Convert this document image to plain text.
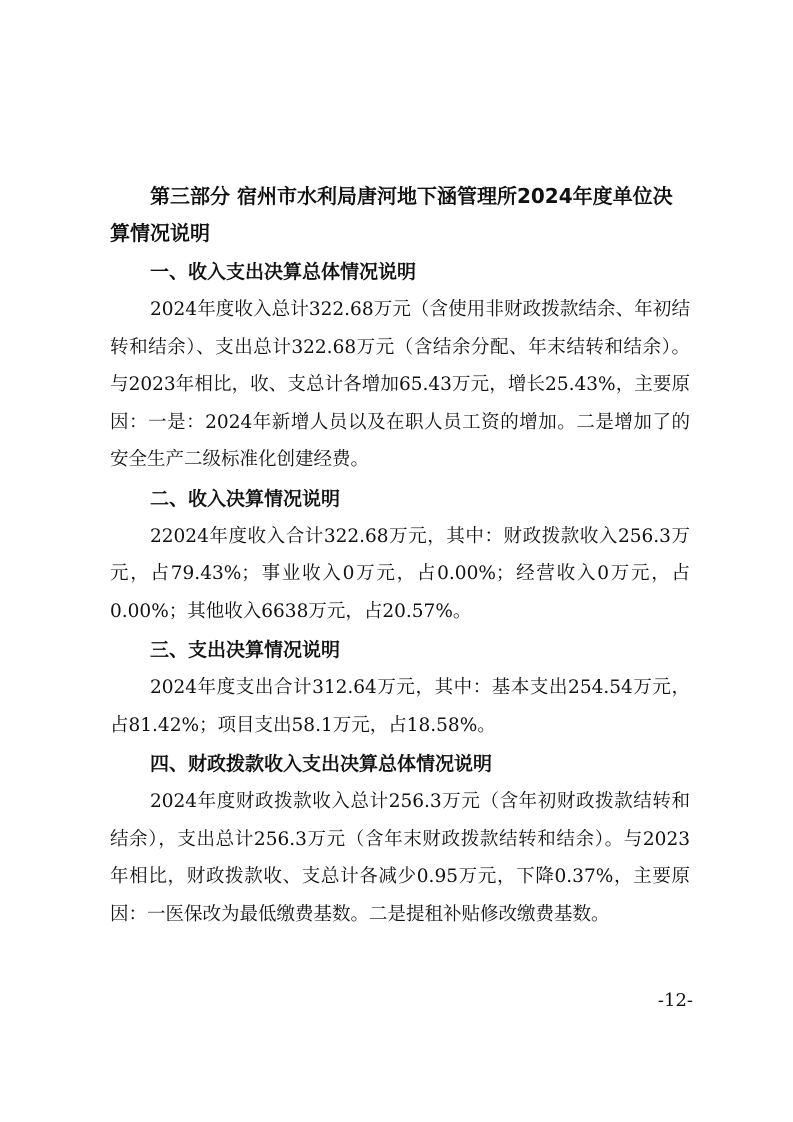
第三部分 宿州市水利局唐河地下涵管理所2024年度单位决算情况说明
一、收入支出决算总体情况说明
2024年度收入总计322.68万元（含使用非财政拨款结余、年初结转和结余）、支出总计322.68万元（含结余分配、年末结转和结余）。与2023年相比，收、支总计各增加65.43万元，增长25.43%，主要原因：一是：2024年新增人员以及在职人员工资的增加。二是增加了的安全生产二级标准化创建经费。
二、收入决算情况说明
22024年度收入合计322.68万元，其中：财政拨款收入256.3万元，占79.43%；事业收入0万元，占0.00%；经营收入0万元，占0.00%；其他收入6638万元，占20.57%。
三、支出决算情况说明
2024年度支出合计312.64万元，其中：基本支出254.54万元，占81.42%；项目支出58.1万元，占18.58%。
四、财政拨款收入支出决算总体情况说明
2024年度财政拨款收入总计256.3万元（含年初财政拨款结转和结余），支出总计256.3万元（含年末财政拨款结转和结余）。与2023年相比，财政拨款收、支总计各减少0.95万元，下降0.37%，主要原因：一医保改为最低缴费基数。二是提租补贴修改缴费基数。
-12-
